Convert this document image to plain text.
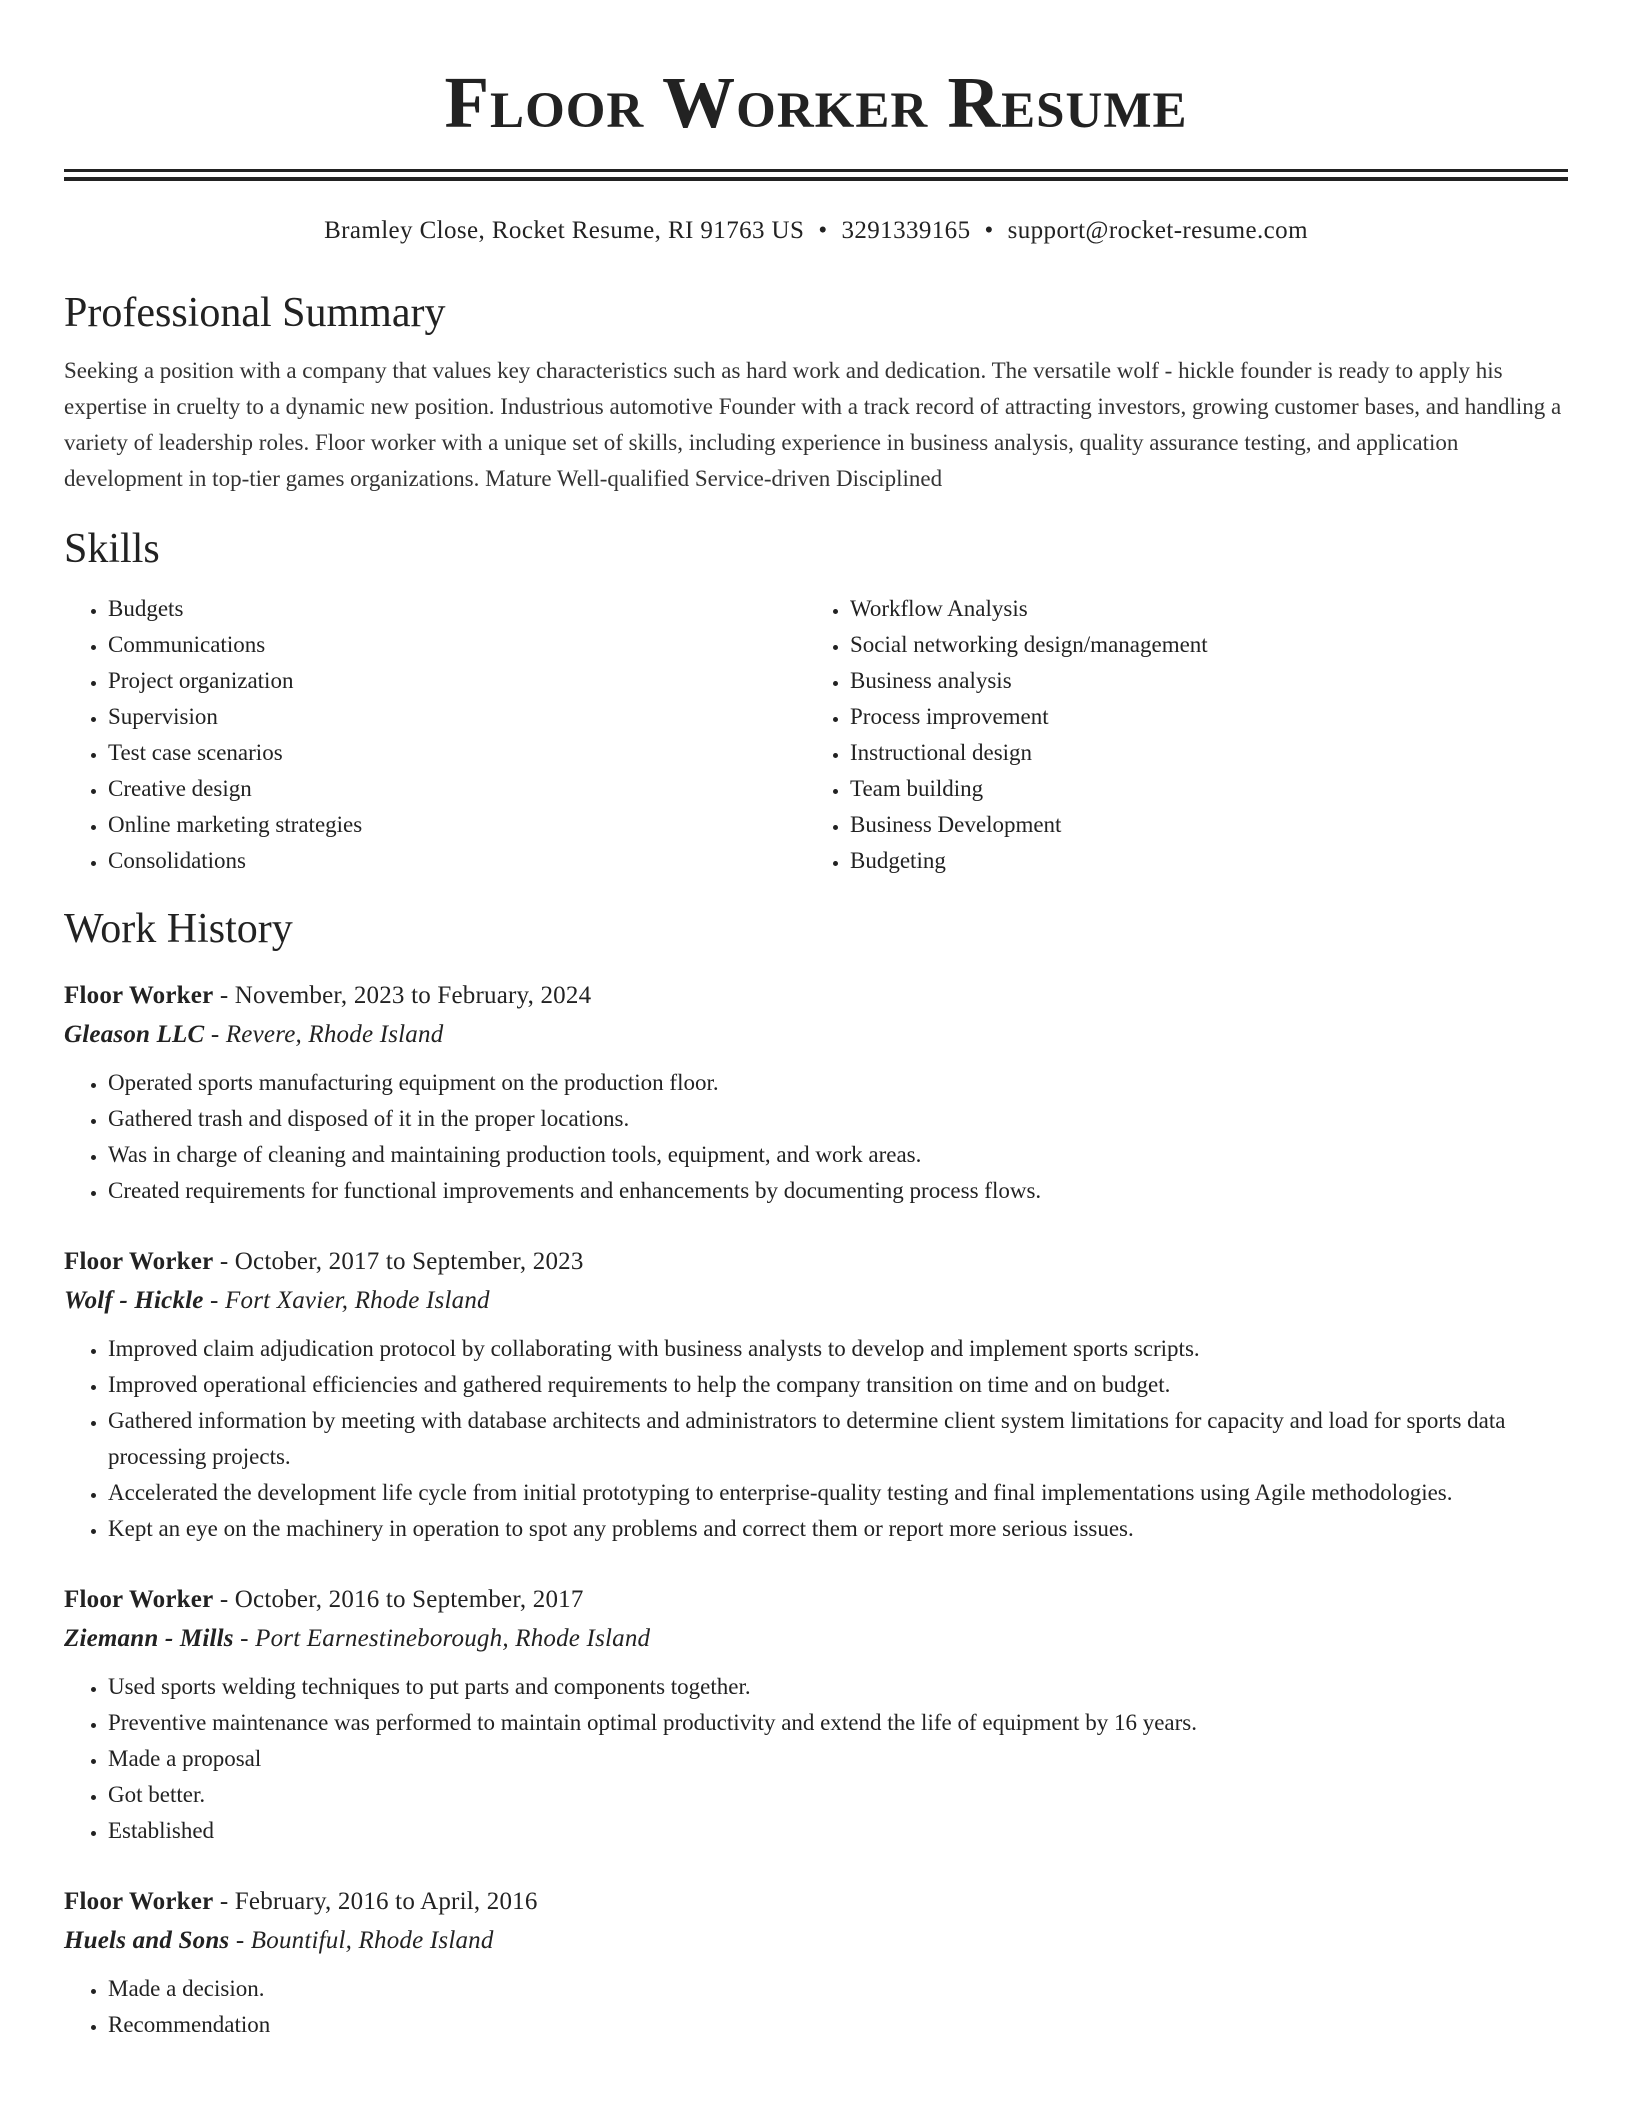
Floor Worker Resume
Bramley Close, Rocket Resume, RI 91763 US • 3291339165 • support@rocket-resume.com
Professional Summary
Seeking a position with a company that values key characteristics such as hard work and dedication. The versatile wolf - hickle founder is ready to apply his expertise in cruelty to a dynamic new position. Industrious automotive Founder with a track record of attracting investors, growing customer bases, and handling a variety of leadership roles. Floor worker with a unique set of skills, including experience in business analysis, quality assurance testing, and application development in top-tier games organizations. Mature Well-qualified Service-driven Disciplined
Skills
• Budgets
• Communications
• Project organization
• Supervision
• Test case scenarios
• Creative design
• Online marketing strategies
• Consolidations
• Workflow Analysis
• Social networking design/management
• Business analysis
• Process improvement
• Instructional design
• Team building
• Business Development
• Budgeting
Work History
Floor Worker - November, 2023 to February, 2024
Gleason LLC - Revere, Rhode Island
• Operated sports manufacturing equipment on the production floor.
• Gathered trash and disposed of it in the proper locations.
• Was in charge of cleaning and maintaining production tools, equipment, and work areas.
• Created requirements for functional improvements and enhancements by documenting process flows.
Floor Worker - October, 2017 to September, 2023
Wolf - Hickle - Fort Xavier, Rhode Island
• Improved claim adjudication protocol by collaborating with business analysts to develop and implement sports scripts.
• Improved operational efficiencies and gathered requirements to help the company transition on time and on budget.
• Gathered information by meeting with database architects and administrators to determine client system limitations for capacity and load for sports data processing projects.
• Accelerated the development life cycle from initial prototyping to enterprise-quality testing and final implementations using Agile methodologies.
• Kept an eye on the machinery in operation to spot any problems and correct them or report more serious issues.
Floor Worker - October, 2016 to September, 2017
Ziemann - Mills - Port Earnestineborough, Rhode Island
• Used sports welding techniques to put parts and components together.
• Preventive maintenance was performed to maintain optimal productivity and extend the life of equipment by 16 years.
• Made a proposal
• Got better.
• Established
Floor Worker - February, 2016 to April, 2016
Huels and Sons - Bountiful, Rhode Island
• Made a decision.
• Recommendation
